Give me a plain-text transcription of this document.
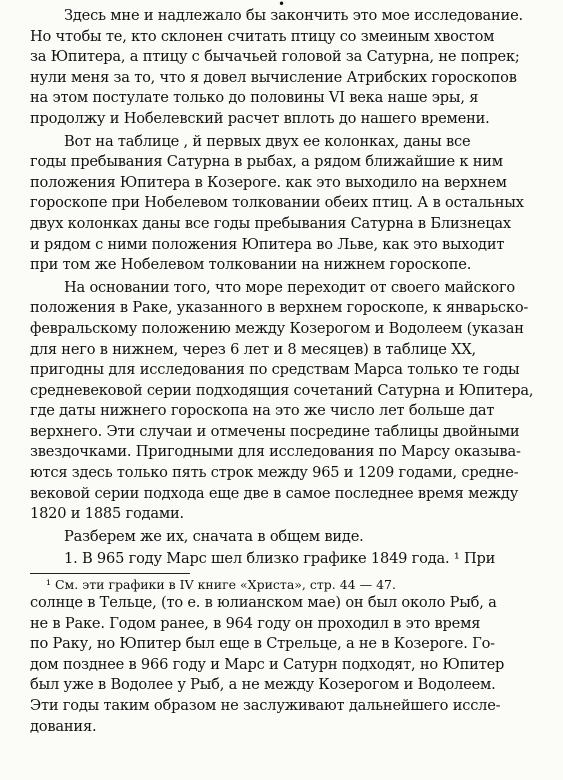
•
Здесь мне и надлежало бы закончить это мое исследование.
Но чтобы те, кто склонен считать птицу со змеиным хвостом
за Юпитера, а птицу с бычачьей головой за Сатурна, не попрек;
нули меня за то, что я довел вычисление Атрибских гороскопов
на этом постулате только до половины VI века наше эры, я
продолжу и Нобелевский расчет вплоть до нашего времени.
Вот на таблице , й первых двух ее колонках, даны все
годы пребывания Сатурна в рыбах, а рядом ближайшие к ним
положения Юпитера в Козероге. как это выходило на верхнем
гороскопе при Нобелевом толковании обеих птиц. А в остальных
двух колонках даны все годы пребывания Сатурна в Близнецах
и рядом с ними положения Юпитера во Льве, как это выходит
при том же Нобелевом толковании на нижнем гороскопе.
На основании того, что море переходит от своего майского
положения в Раке, указанного в верхнем гороскопе, к январьско-
февральскому положению между Козерогом и Водолеем (указан
для него в нижнем, через 6 лет и 8 месяцев) в таблице XX,
пригодны для исследования по средствам Марса только те годы
средневековой серии подходящия сочетаний Сатурна и Юпитера,
где даты нижнего гороскопа на это же число лет больше дат
верхнего. Эти случаи и отмечены посредине таблицы двойными
звездочками. Пригодными для исследования по Марсу оказыва-
ются здесь только пять строк между 965 и 1209 годами, средне-
вековой серии подхода еще две в самое последнее время между
1820 и 1885 годами.
Разберем же их, сначата в общем виде.
1. В 965 году Марс шел близко графике 1849 года. ¹ При
¹ См. эти графики в IV книге «Христа», стр. 44 — 47.
солнце в Тельце, (то е. в юлианском мае) он был около Рыб, а
не в Раке. Годом ранее, в 964 году он проходил в это время
по Раку, но Юпитер был еще в Стрельце, а не в Козероге. Го-
дом позднее в 966 году и Марс и Сатурн подходят, но Юпитер
был уже в Водолее у Рыб, а не между Козерогом и Водолеем.
Эти годы таким образом не заслуживают дальнейшего иссле-
дования.
